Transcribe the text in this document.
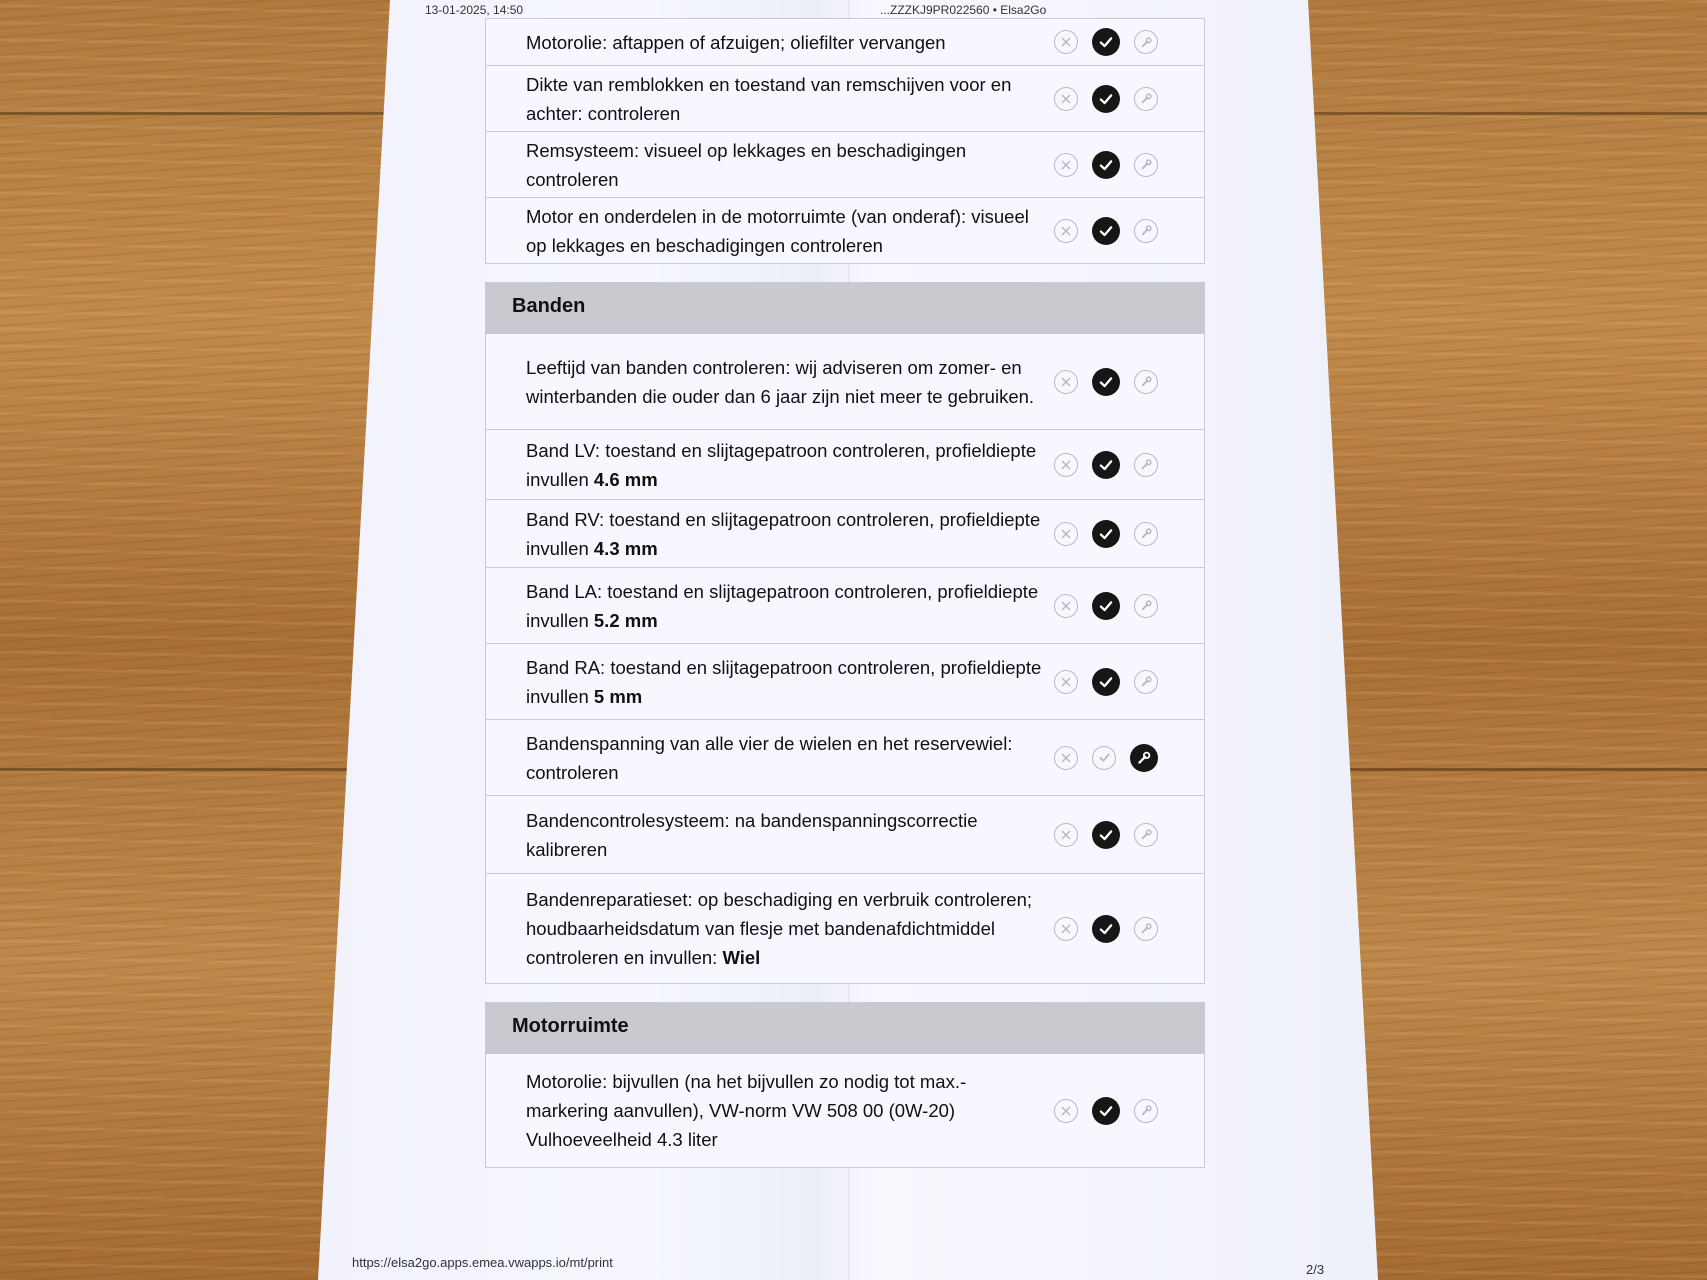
13-01-2025, 14:50	...ZZZKJ9PR022560 • Elsa2Go
Motorolie: aftappen of afzuigen; oliefilter vervangen
Dikte van remblokken en toestand van remschijven voor en achter: controleren
Remsysteem: visueel op lekkages en beschadigingen controleren
Motor en onderdelen in de motorruimte (van onderaf): visueel op lekkages en beschadigingen controleren
Banden
Leeftijd van banden controleren: wij adviseren om zomer- en winterbanden die ouder dan 6 jaar zijn niet meer te gebruiken.
Band LV: toestand en slijtagepatroon controleren, profieldiepte invullen 4.6 mm
Band RV: toestand en slijtagepatroon controleren, profieldiepte invullen 4.3 mm
Band LA: toestand en slijtagepatroon controleren, profieldiepte invullen 5.2 mm
Band RA: toestand en slijtagepatroon controleren, profieldiepte invullen 5 mm
Bandenspanning van alle vier de wielen en het reservewiel: controleren
Bandencontrolesysteem: na bandenspanningscorrectie kalibreren
Bandenreparatieset: op beschadiging en verbruik controleren; houdbaarheidsdatum van flesje met bandenafdichtmiddel controleren en invullen: Wiel
Motorruimte
Motorolie: bijvullen (na het bijvullen zo nodig tot max.-markering aanvullen), VW-norm VW 508 00 (0W-20) Vulhoeveelheid 4.3 liter
https://elsa2go.apps.emea.vwapps.io/mt/print	2/3
